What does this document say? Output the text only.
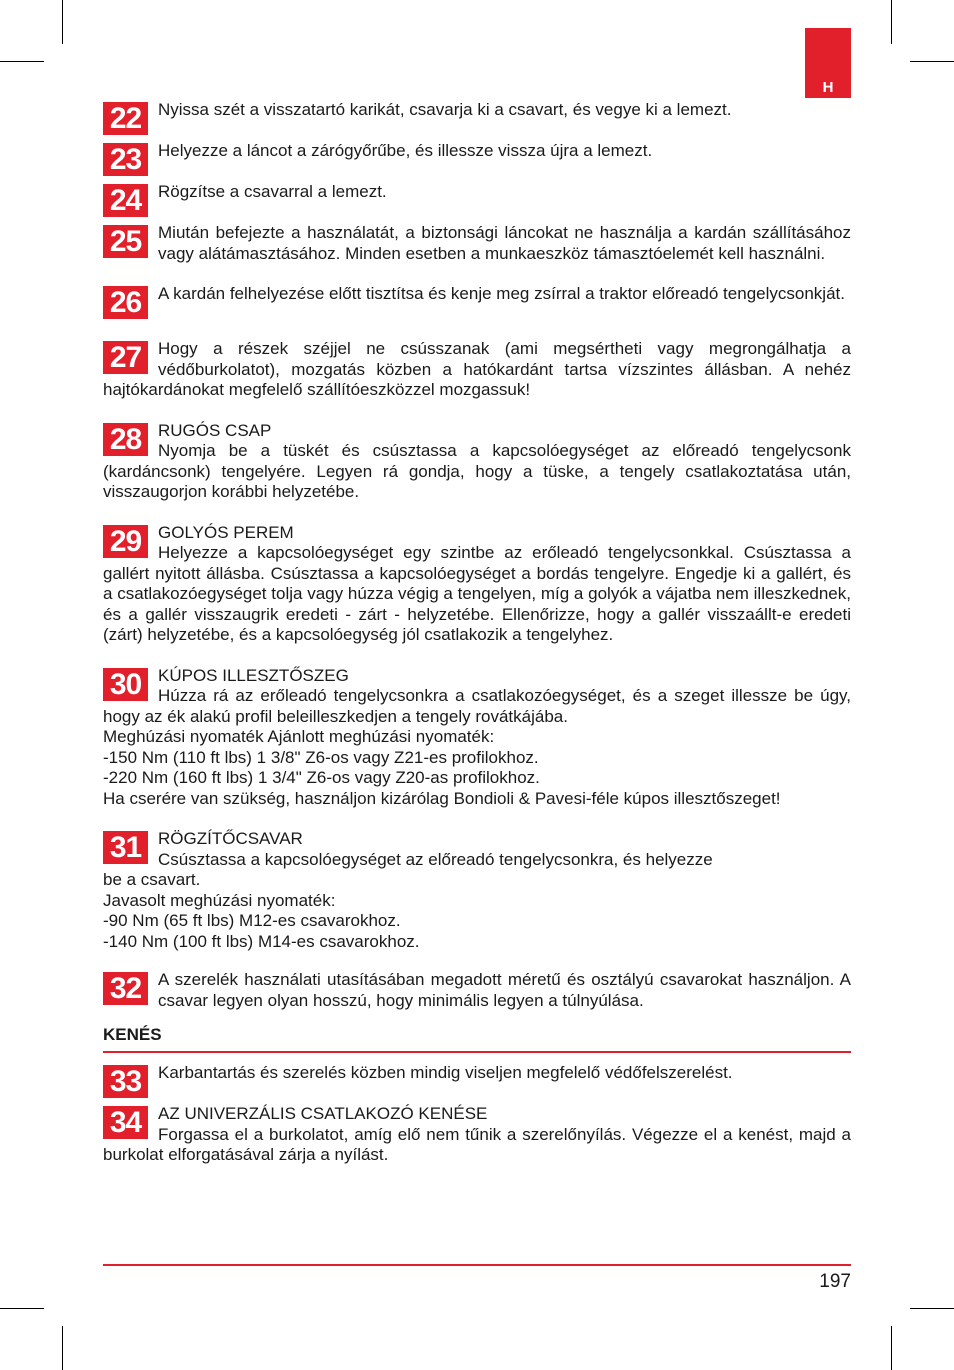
H
22 Nyissa szét a visszatartó karikát, csavarja ki a csavart, és vegye ki a lemezt.

23 Helyezze a láncot a zárógyőrűbe, és illessze vissza újra a lemezt.

24 Rögzítse a csavarral a lemezt.

25 Miután befejezte a használatát, a biztonsági láncokat ne használja a kardán szállításához vagy alátámasztásához. Minden esetben a munkaeszköz támasztóelemét kell használni.

26 A kardán felhelyezése előtt tisztítsa és kenje meg zsírral a traktor előreadó tengelycsonkját.

27 Hogy a részek széjjel ne csússzanak (ami megsértheti vagy megrongálhatja a védőburkolatot), mozgatás közben a hatókardánt tartsa vízszintes állásban. A nehéz hajtókardánokat megfelelő szállítóeszközzel mozgassuk!

28 RUGÓS CSAP

Nyomja be a tüskét és csúsztassa a kapcsolóegységet az előreadó tengelycsonk (kardáncsonk) tengelyére. Legyen rá gondja, hogy a tüske, a tengely csatlakoztatása után, visszaugorjon korábbi helyzetébe.

29 GOLYÓS PEREM

Helyezze a kapcsolóegységet egy szintbe az erőleadó tengelycsonkkal. Csúsztassa a gallért nyitott állásba. Csúsztassa a kapcsolóegységet a bordás tengelyre. Engedje ki a gallért, és a csatlakozóegységet tolja vagy húzza végig a tengelyen, míg a golyók a vájatba nem illeszkednek, és a gallér visszaugrik eredeti - zárt - helyzetébe. Ellenőrizze, hogy a gallér visszaállt-e eredeti (zárt) helyzetébe, és a kapcsolóegység jól csatlakozik a tengelyhez.

30 KÚPOS ILLESZTŐSZEG

Húzza rá az erőleadó tengelycsonkra a csatlakozóegységet, és a szeget illessze be úgy, hogy az ék alakú profil beleilleszkedjen a tengely rovátkájába.

Meghúzási nyomaték Ajánlott meghúzási nyomaték:

-150 Nm (110 ft lbs) 1 3/8" Z6-os vagy Z21-es profilokhoz.

-220 Nm (160 ft lbs) 1 3/4" Z6-os vagy Z20-as profilokhoz.

Ha cserére van szükség, használjon kizárólag Bondioli & Pavesi-féle kúpos illesztőszeget!

31 RÖGZÍTŐCSAVAR

Csúsztassa a kapcsolóegységet az előreadó tengelycsonkra, és helyezze

be a csavart.

Javasolt meghúzási nyomaték:

-90 Nm (65 ft lbs) M12-es csavarokhoz.

-140 Nm (100 ft lbs) M14-es csavarokhoz.

32 A szerelék használati utasításában megadott méretű és osztályú csavarokat használjon. A csavar legyen olyan hosszú, hogy minimális legyen a túlnyúlása.

KENÉS
33 Karbantartás és szerelés közben mindig viseljen megfelelő védőfelszerelést.

34 AZ UNIVERZÁLIS CSATLAKOZÓ KENÉSE

Forgassa el a burkolatot, amíg elő nem tűnik a szerelőnyílás. Végezze el a kenést, majd a burkolat elforgatásával zárja a nyílást.

197
